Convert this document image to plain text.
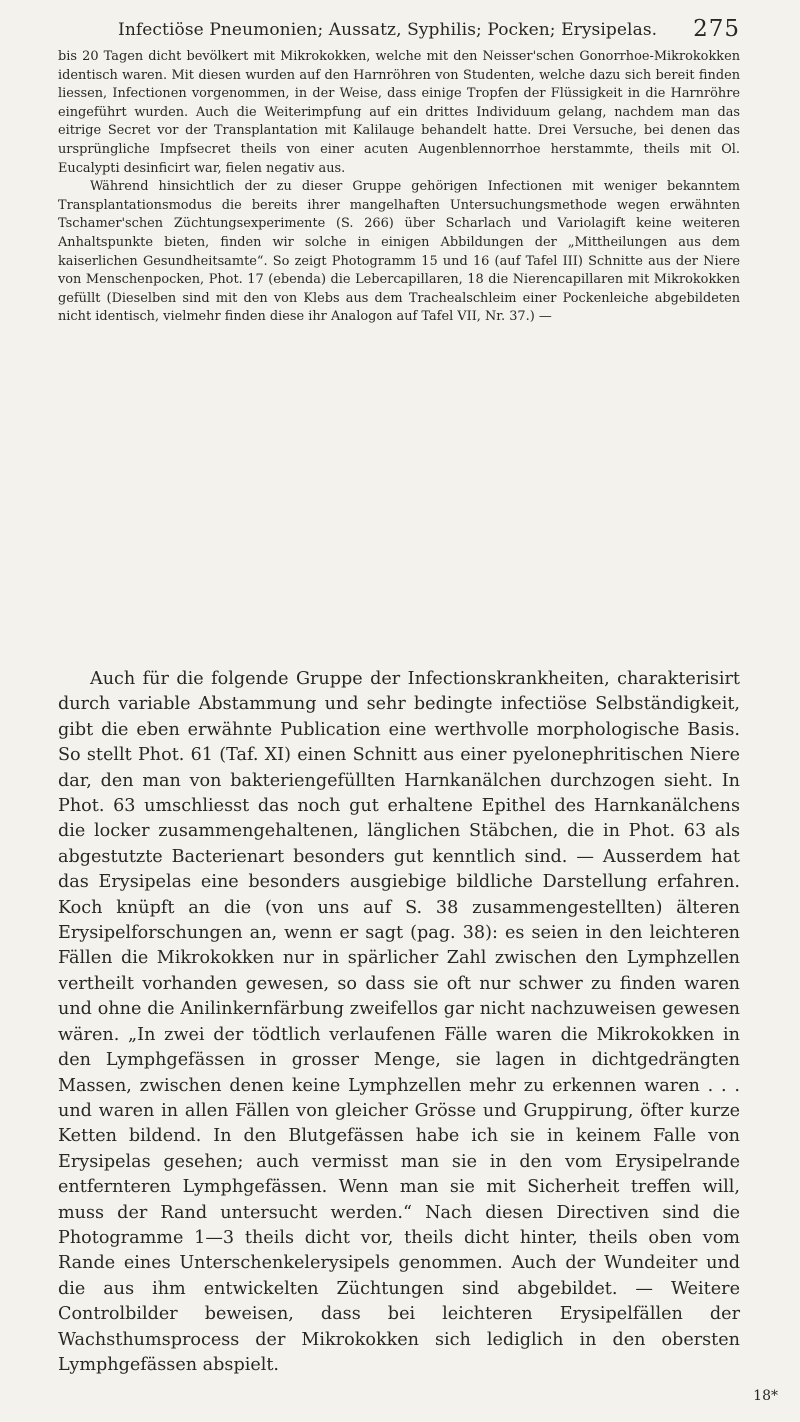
Infectiöse Pneumonien; Aussatz, Syphilis; Pocken; Erysipelas. 275

bis 20 Tagen dicht bevölkert mit Mikrokokken, welche mit den Neisser'schen Gonorrhoe-Mikrokokken identisch waren. Mit diesen wurden auf den Harnröhren von Studenten, welche dazu sich bereit finden liessen, Infectionen vorgenommen, in der Weise, dass einige Tropfen der Flüssigkeit in die Harnröhre eingeführt wurden. Auch die Weiterimpfung auf ein drittes Individuum gelang, nachdem man das eitrige Secret vor der Transplantation mit Kalilauge behandelt hatte. Drei Versuche, bei denen das ursprüngliche Impfsecret theils von einer acuten Augenblennorrhoe herstammte, theils mit Ol. Eucalypti desinficirt war, fielen negativ aus.

Während hinsichtlich der zu dieser Gruppe gehörigen Infectionen mit weniger bekanntem Transplantationsmodus die bereits ihrer mangelhaften Untersuchungsmethode wegen erwähnten Tschamer'schen Züchtungsexperimente (S. 266) über Scharlach und Variolagift keine weiteren Anhaltspunkte bieten, finden wir solche in einigen Abbildungen der „Mittheilungen aus dem kaiserlichen Gesundheitsamte“. So zeigt Photogramm 15 und 16 (auf Tafel III) Schnitte aus der Niere von Menschenpocken, Phot. 17 (ebenda) die Lebercapillaren, 18 die Nierencapillaren mit Mikrokokken gefüllt (Dieselben sind mit den von Klebs aus dem Trachealschleim einer Pockenleiche abgebildeten nicht identisch, vielmehr finden diese ihr Analogon auf Tafel VII, Nr. 37.) —

Auch für die folgende Gruppe der Infectionskrankheiten, charakterisirt durch variable Abstammung und sehr bedingte infectiöse Selbständigkeit, gibt die eben erwähnte Publication eine werthvolle morphologische Basis. So stellt Phot. 61 (Taf. XI) einen Schnitt aus einer pyelonephritischen Niere dar, den man von bakteriengefüllten Harnkanälchen durchzogen sieht. In Phot. 63 umschliesst das noch gut erhaltene Epithel des Harnkanälchens die locker zusammengehaltenen, länglichen Stäbchen, die in Phot. 63 als abgestutzte Bacterienart besonders gut kenntlich sind. — Ausserdem hat das Erysipelas eine besonders ausgiebige bildliche Darstellung erfahren. Koch knüpft an die (von uns auf S. 38 zusammengestellten) älteren Erysipelforschungen an, wenn er sagt (pag. 38): es seien in den leichteren Fällen die Mikrokokken nur in spärlicher Zahl zwischen den Lymphzellen vertheilt vorhanden gewesen, so dass sie oft nur schwer zu finden waren und ohne die Anilinkernfärbung zweifellos gar nicht nachzuweisen gewesen wären. „In zwei der tödtlich verlaufenen Fälle waren die Mikrokokken in den Lymphgefässen in grosser Menge, sie lagen in dichtgedrängten Massen, zwischen denen keine Lymphzellen mehr zu erkennen waren . . . und waren in allen Fällen von gleicher Grösse und Gruppirung, öfter kurze Ketten bildend. In den Blutgefässen habe ich sie in keinem Falle von Erysipelas gesehen; auch vermisst man sie in den vom Erysipelrande entfernteren Lymphgefässen. Wenn man sie mit Sicherheit treffen will, muss der Rand untersucht werden.“ Nach diesen Directiven sind die Photogramme 1—3 theils dicht vor, theils dicht hinter, theils oben vom Rande eines Unterschenkelerysipels genommen. Auch der Wundeiter und die aus ihm entwickelten Züchtungen sind abgebildet. — Weitere Controlbilder beweisen, dass bei leichteren Erysipelfällen der Wachsthumsprocess der Mikrokokken sich lediglich in den obersten Lymphgefässen abspielt.

18*
